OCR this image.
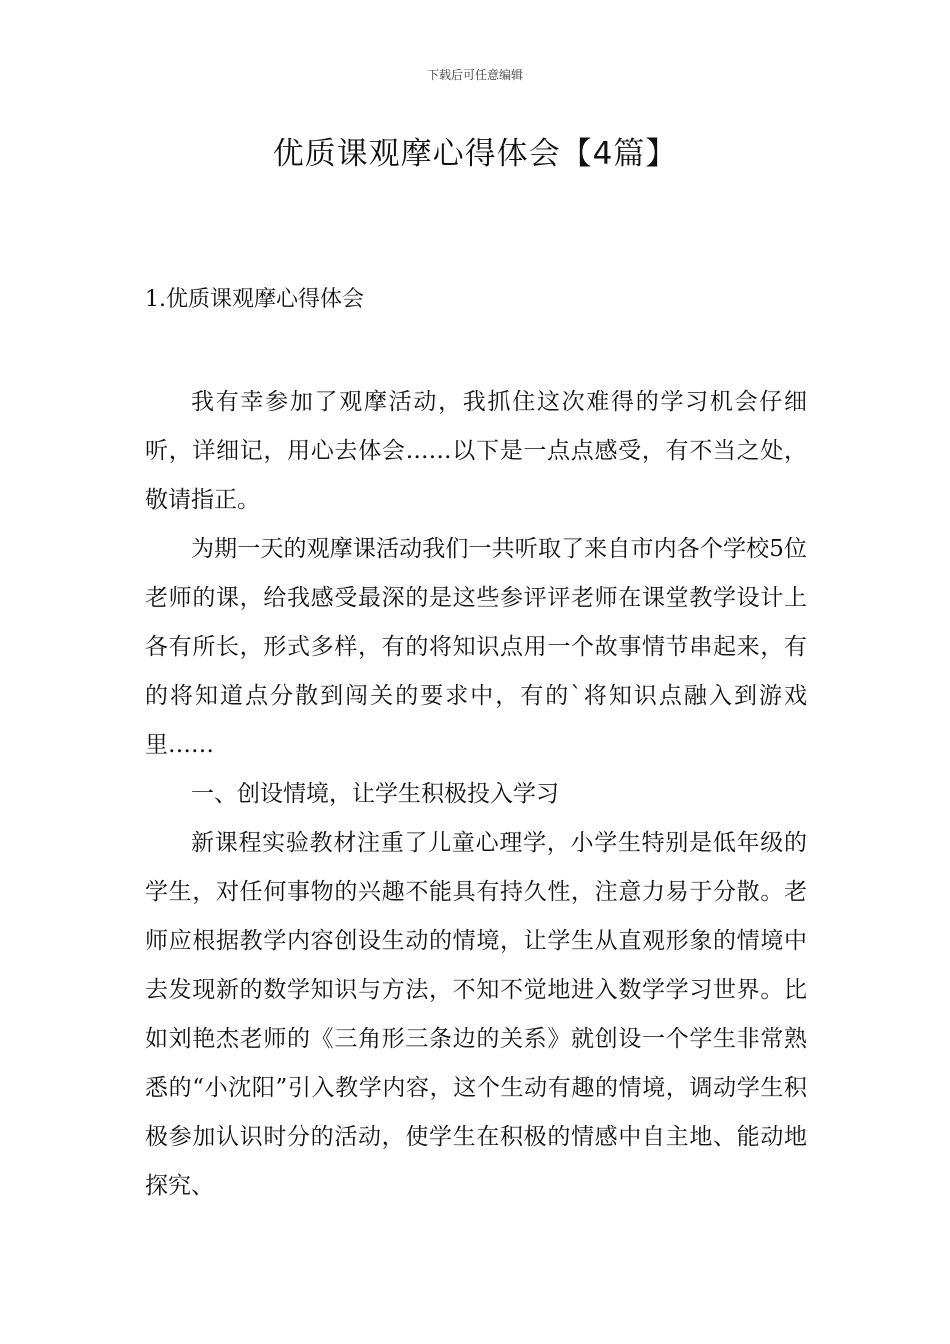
下载后可任意编辑
优质课观摩心得体会【4篇】
1.优质课观摩心得体会

我有幸参加了观摩活动，我抓住这次难得的学习机会仔细听，详细记，用心去体会……以下是一点点感受，有不当之处，敬请指正。

为期一天的观摩课活动我们一共听取了来自市内各个学校5位老师的课，给我感受最深的是这些参评评老师在课堂教学设计上各有所长，形式多样，有的将知识点用一个故事情节串起来，有的将知道点分散到闯关的要求中，有的`将知识点融入到游戏里……

一、创设情境，让学生积极投入学习

新课程实验教材注重了儿童心理学，小学生特别是低年级的学生，对任何事物的兴趣不能具有持久性，注意力易于分散。老师应根据教学内容创设生动的情境，让学生从直观形象的情境中去发现新的数学知识与方法，不知不觉地进入数学学习世界。比如刘艳杰老师的《三角形三条边的关系》就创设一个学生非常熟悉的“小沈阳”引入教学内容，这个生动有趣的情境，调动学生积极参加认识时分的活动，使学生在积极的情感中自主地、能动地探究、
